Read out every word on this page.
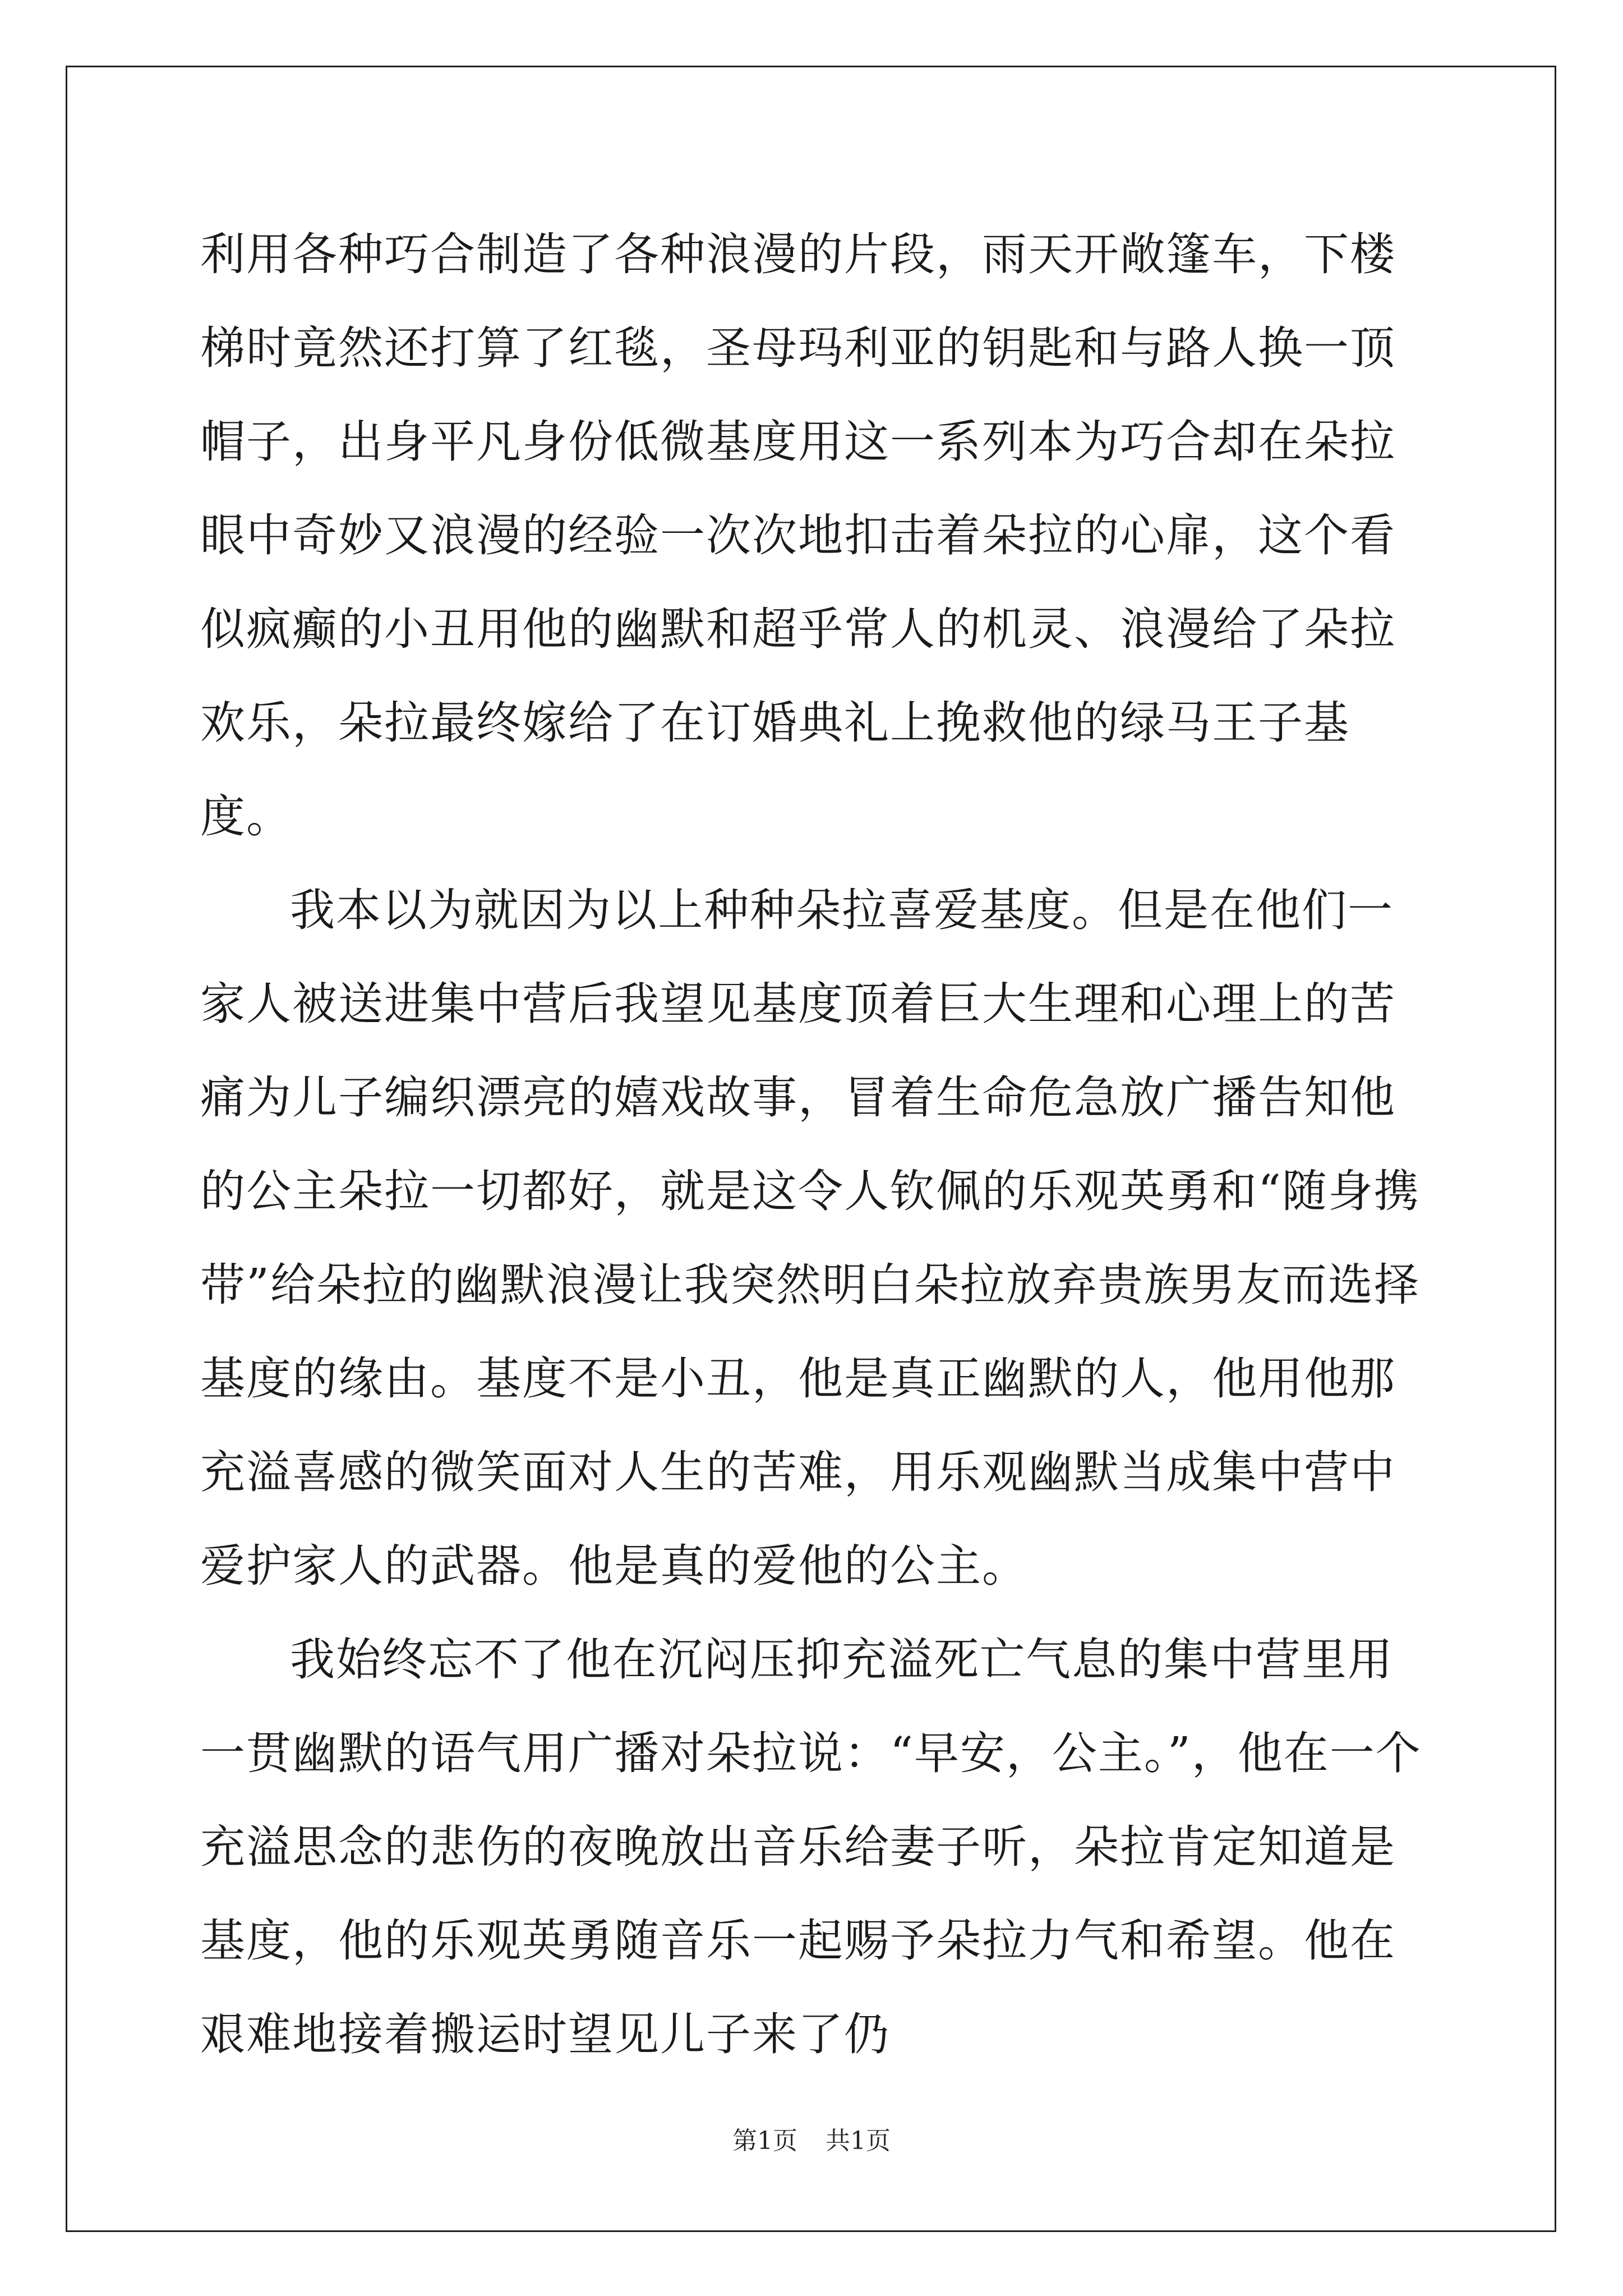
利用各种巧合制造了各种浪漫的片段，雨天开敞篷车，下楼梯时竟然还打算了红毯，圣母玛利亚的钥匙和与路人换一顶帽子，出身平凡身份低微基度用这一系列本为巧合却在朵拉眼中奇妙又浪漫的经验一次次地扣击着朵拉的心扉，这个看似疯癫的小丑用他的幽默和超乎常人的机灵、浪漫给了朵拉欢乐，朵拉最终嫁给了在订婚典礼上挽救他的绿马王子基度。

我本以为就因为以上种种朵拉喜爱基度。但是在他们一家人被送进集中营后我望见基度顶着巨大生理和心理上的苦痛为儿子编织漂亮的嬉戏故事，冒着生命危急放广播告知他的公主朵拉一切都好，就是这令人钦佩的乐观英勇和“随身携带”给朵拉的幽默浪漫让我突然明白朵拉放弃贵族男友而选择基度的缘由。基度不是小丑，他是真正幽默的人，他用他那充溢喜感的微笑面对人生的苦难，用乐观幽默当成集中营中爱护家人的武器。他是真的爱他的公主。

我始终忘不了他在沉闷压抑充溢死亡气息的集中营里用一贯幽默的语气用广播对朵拉说：“早安，公主。”，他在一个充溢思念的悲伤的夜晚放出音乐给妻子听，朵拉肯定知道是基度，他的乐观英勇随音乐一起赐予朵拉力气和希望。他在艰难地接着搬运时望见儿子来了仍

第1页 共1页
